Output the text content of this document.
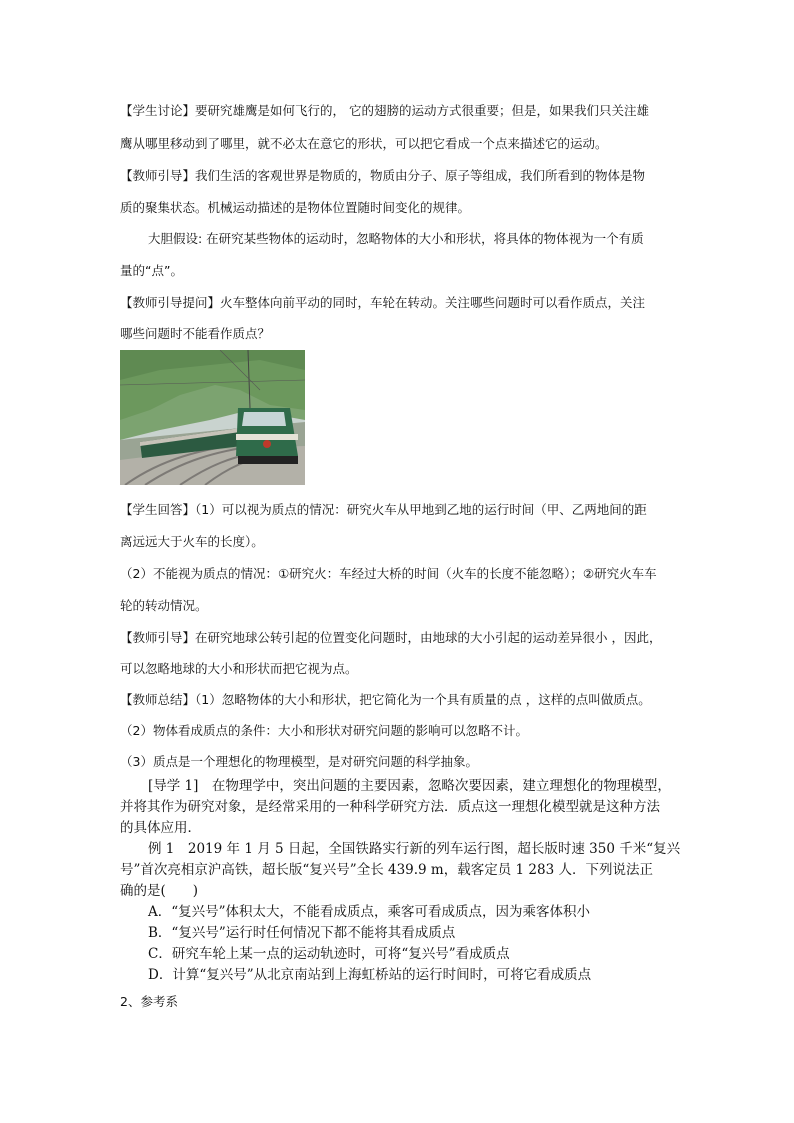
【学生讨论】要研究雄鹰是如何飞行的， 它的翅膀的运动方式很重要；但是，如果我们只关注雄
鹰从哪里移动到了哪里，就不必太在意它的形状，可以把它看成一个点来描述它的运动。
【教师引导】我们生活的客观世界是物质的，物质由分子、原子等组成，我们所看到的物体是物
质的聚集状态。机械运动描述的是物体位置随时间变化的规律。
大胆假设: 在研究某些物体的运动时，忽略物体的大小和形状，将具体的物体视为一个有质
量的“点”。
【教师引导提问】火车整体向前平动的同时，车轮在转动。关注哪些问题时可以看作质点，关注
哪些问题时不能看作质点？
【学生回答】（1）可以视为质点的情况：研究火车从甲地到乙地的运行时间（甲、乙两地间的距
离远远大于火车的长度）。
（2）不能视为质点的情况：①研究火：车经过大桥的时间（火车的长度不能忽略）；②研究火车车
轮的转动情况。
【教师引导】在研究地球公转引起的位置变化问题时，由地球的大小引起的运动差异很小 ，因此，
可以忽略地球的大小和形状而把它视为点。
【教师总结】（1）忽略物体的大小和形状，把它简化为一个具有质量的点 ，这样的点叫做质点。
（2）物体看成质点的条件：大小和形状对研究问题的影响可以忽略不计。
（3）质点是一个理想化的物理模型，是对研究问题的科学抽象。
[导学 1]　在物理学中，突出问题的主要因素，忽略次要因素，建立理想化的物理模型，
并将其作为研究对象，是经常采用的一种科学研究方法．质点这一理想化模型就是这种方法
的具体应用．
例 1　2019 年 1 月 5 日起，全国铁路实行新的列车运行图，超长版时速 350 千米“复兴
号”首次亮相京沪高铁，超长版“复兴号”全长 439.9 m，载客定员 1 283 人．下列说法正
确的是(　　)
A．“复兴号”体积太大，不能看成质点，乘客可看成质点，因为乘客体积小
B．“复兴号”运行时任何情况下都不能将其看成质点
C．研究车轮上某一点的运动轨迹时，可将“复兴号”看成质点
D．计算“复兴号”从北京南站到上海虹桥站的运行时间时，可将它看成质点
2、参考系
